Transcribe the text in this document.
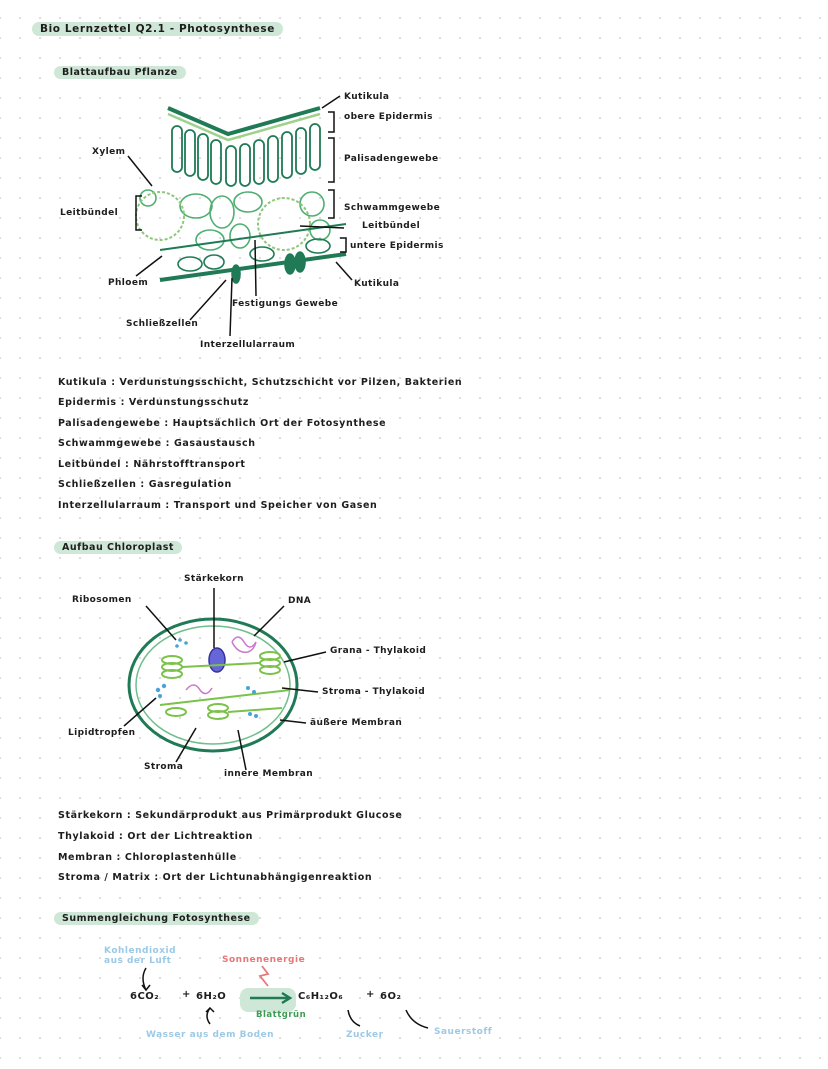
Bio Lernzettel Q2.1 - Photosynthese
Blattaufbau Pflanze
Kutikula
obere Epidermis
Palisadengewebe
Schwammgewebe
Leitbündel
untere Epidermis
Kutikula
Xylem
Leitbündel
Phloem
Festigungs Gewebe
Schließzellen
Interzellularraum
Kutikula : Verdunstungsschicht, Schutzschicht vor Pilzen, Bakterien
Epidermis : Verdunstungsschutz
Palisadengewebe : Hauptsächlich Ort der Fotosynthese
Schwammgewebe : Gasaustausch
Leitbündel : Nährstofftransport
Schließzellen : Gasregulation
Interzellularraum : Transport und Speicher von Gasen
Aufbau Chloroplast
Stärkekorn
Ribosomen	DNA
Grana - Thylakoid
Stroma - Thylakoid
äußere Membran
Lipidtropfen
Stroma
innere Membran
Stärkekorn : Sekundärprodukt aus Primärprodukt Glucose
Thylakoid : Ort der Lichtreaktion
Membran : Chloroplastenhülle
Stroma / Matrix : Ort der Lichtunabhängigenreaktion
Summengleichung Fotosynthese
Kohlendioxid
aus der Luft	Sonnenenergie
6CO₂ + 6H₂O	C₆H₁₂O₆ + 6O₂
Blattgrün
Wasser aus dem Boden	Zucker	Sauerstoff
